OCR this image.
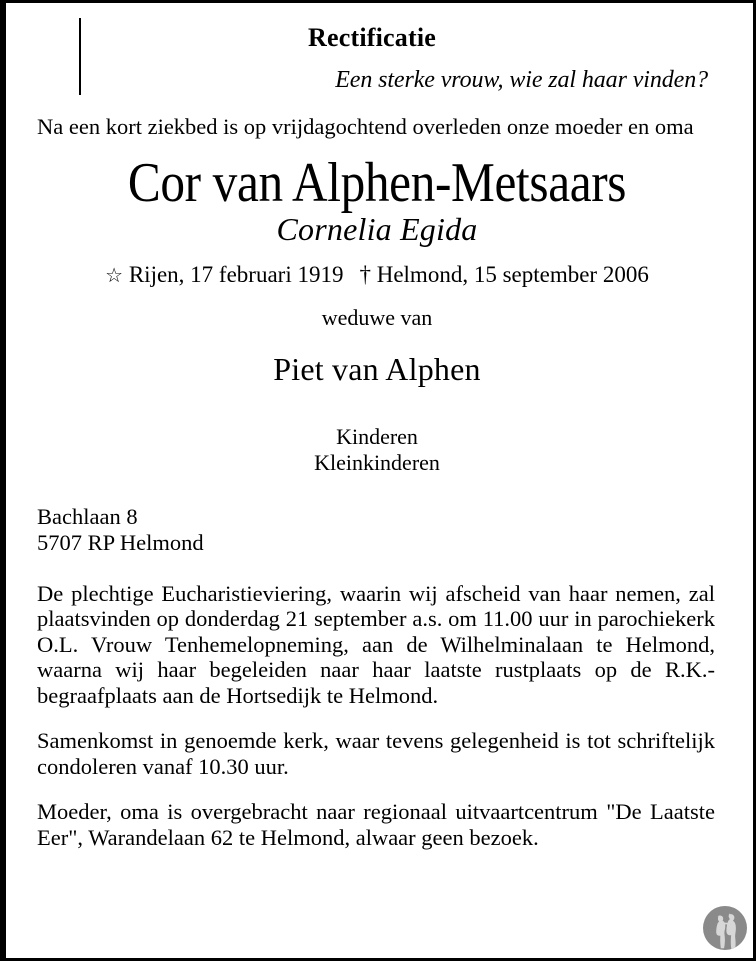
Rectificatie
Een sterke vrouw, wie zal haar vinden?

Na een kort ziekbed is op vrijdagochtend overleden onze moeder en oma

Cor van Alphen-Metsaars
Cornelia Egida
☆ Rijen, 17 februari 1919 † Helmond, 15 september 2006
weduwe van
Piet van Alphen
Kinderen
Kleinkinderen
Bachlaan 8
5707 RP Helmond

De plechtige Eucharistieviering, waarin wij afscheid van haar nemen, zal plaatsvinden op donderdag 21 september a.s. om 11.00 uur in parochiekerk O.L. Vrouw Tenhemelopneming, aan de Wilhelminalaan te Helmond, waarna wij haar begeleiden naar haar laatste rustplaats op de R.K.-begraafplaats aan de Hortsedijk te Helmond.

Samenkomst in genoemde kerk, waar tevens gelegenheid is tot schriftelijk condoleren vanaf 10.30 uur.

Moeder, oma is overgebracht naar regionaal uitvaartcentrum "De Laatste Eer", Warandelaan 62 te Helmond, alwaar geen bezoek.
